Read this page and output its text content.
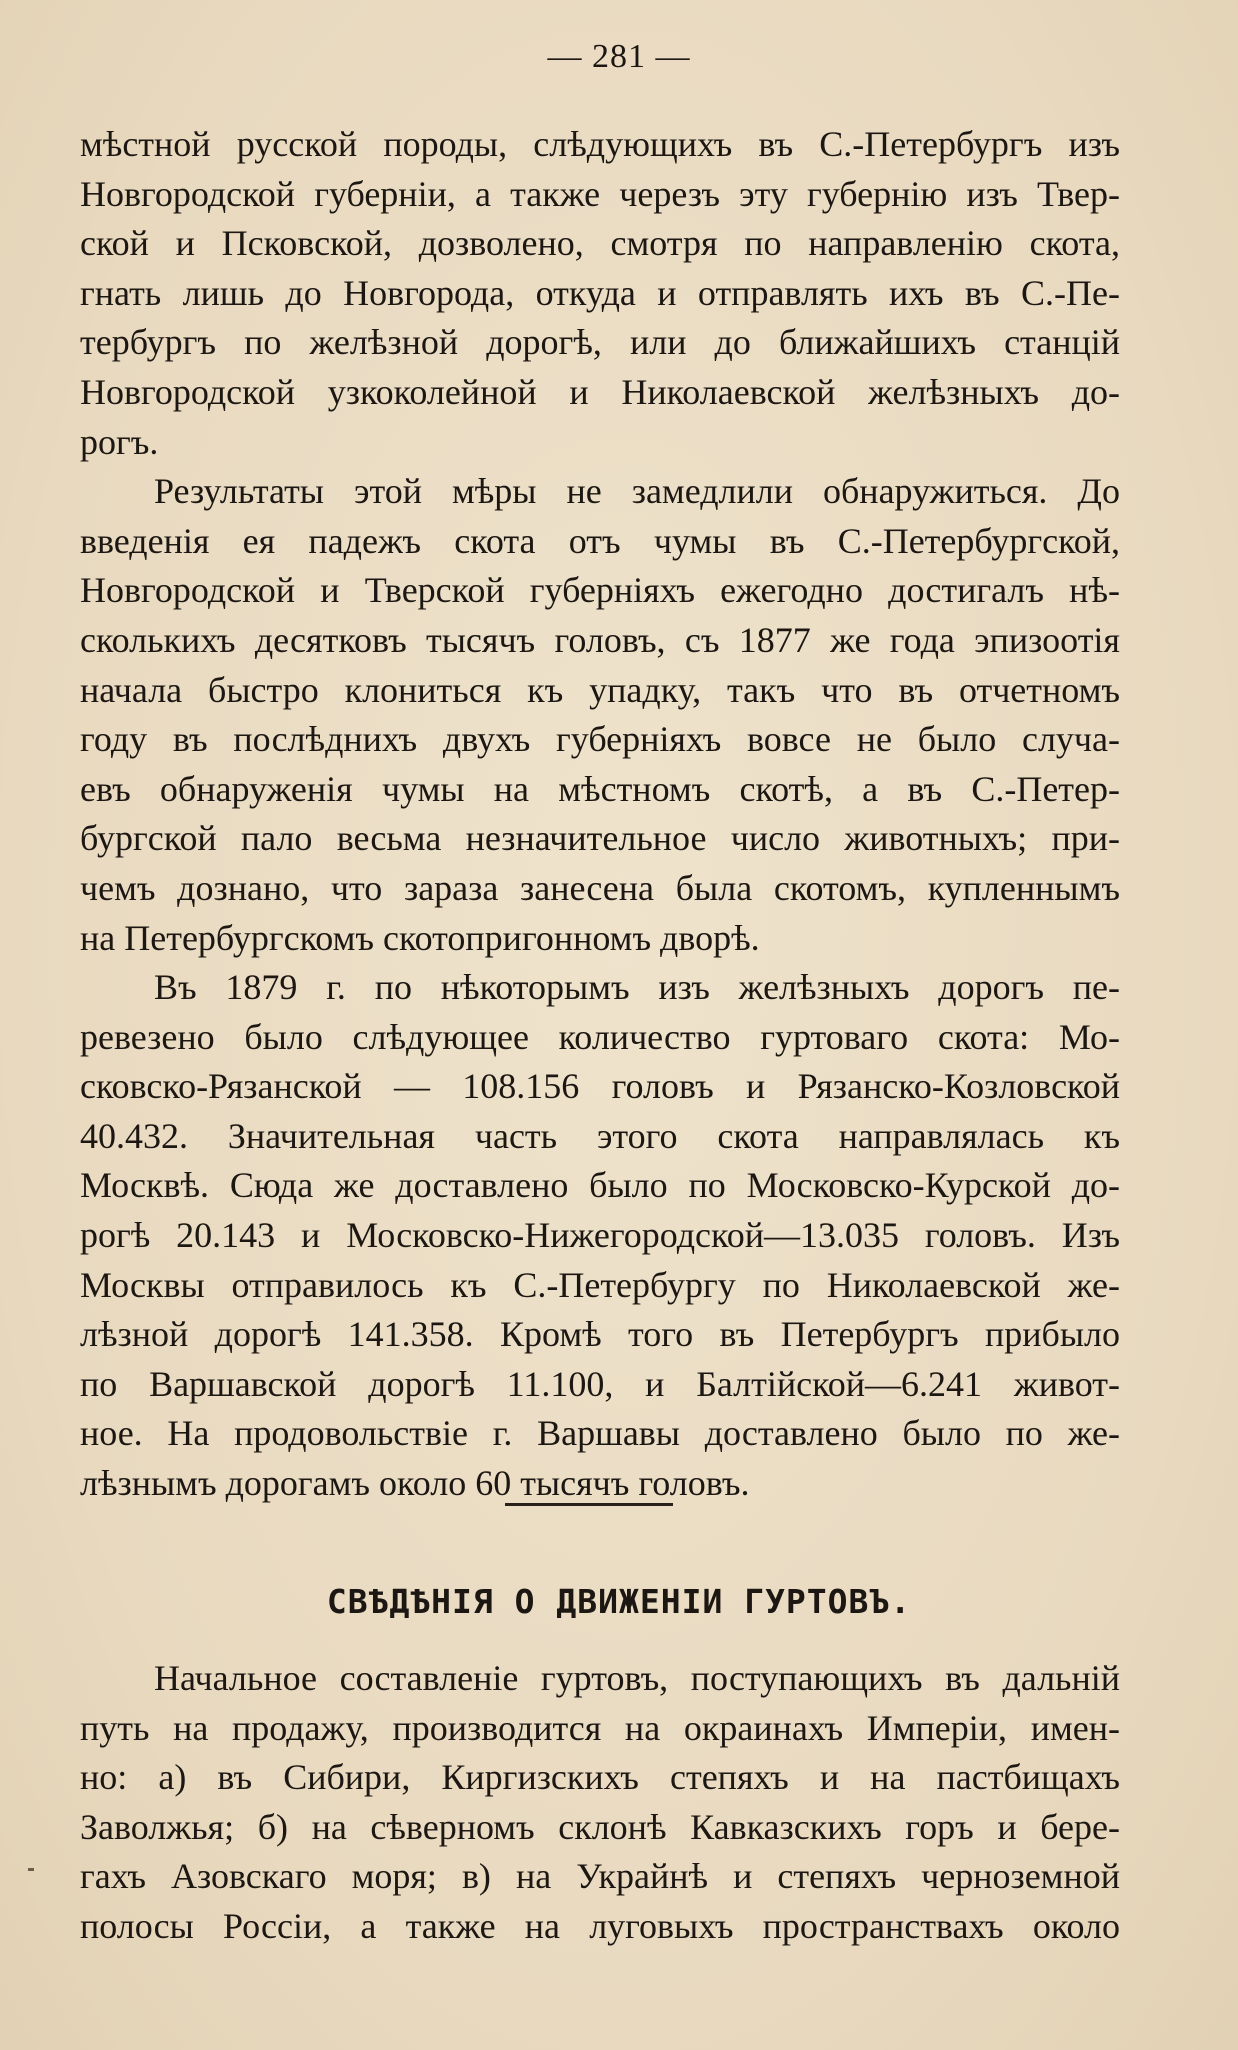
— 281 —
мѣстной русской породы, слѣдующихъ въ С.-Петербургъ изъ
Новгородской губерніи, а также черезъ эту губернію изъ Твер-
ской и Псковской, дозволено, смотря по направленію скота,
гнать лишь до Новгорода, откуда и отправлять ихъ въ С.-Пе-
тербургъ по желѣзной дорогѣ, или до ближайшихъ станцій
Новгородской узкоколейной и Николаевской желѣзныхъ до-
рогъ.
Результаты этой мѣры не замедлили обнаружиться. До
введенія ея падежъ скота отъ чумы въ С.-Петербургской,
Новгородской и Тверской губерніяхъ ежегодно достигалъ нѣ-
сколькихъ десятковъ тысячъ головъ, съ 1877 же года эпизоотія
начала быстро клониться къ упадку, такъ что въ отчетномъ
году въ послѣднихъ двухъ губерніяхъ вовсе не было случа-
евъ обнаруженія чумы на мѣстномъ скотѣ, а въ С.-Петер-
бургской пало весьма незначительное число животныхъ; при-
чемъ дознано, что зараза занесена была скотомъ, купленнымъ
на Петербургскомъ скотопригонномъ дворѣ.
Въ 1879 г. по нѣкоторымъ изъ желѣзныхъ дорогъ пе-
ревезено было слѣдующее количество гуртоваго скота: Мо-
сковско-Рязанской — 108.156 головъ и Рязанско-Козловской
40.432. Значительная часть этого скота направлялась къ
Москвѣ. Сюда же доставлено было по Московско-Курской до-
рогѣ 20.143 и Московско-Нижегородской—13.035 головъ. Изъ
Москвы отправилось къ С.-Петербургу по Николаевской же-
лѣзной дорогѣ 141.358. Кромѣ того въ Петербургъ прибыло
по Варшавской дорогѣ 11.100, и Балтійской—6.241 живот-
ное. На продовольствіе г. Варшавы доставлено было по же-
лѣзнымъ дорогамъ около 60 тысячъ головъ.
СВѢДѢНІЯ О ДВИЖЕНІИ ГУРТОВЪ.
Начальное составленіе гуртовъ, поступающихъ въ дальній
путь на продажу, производится на окраинахъ Имперіи, имен-
но: а) въ Сибири, Киргизскихъ степяхъ и на пастбищахъ
Заволжья; б) на сѣверномъ склонѣ Кавказскихъ горъ и бере-
гахъ Азовскаго моря; в) на Украйнѣ и степяхъ черноземной
полосы Россіи, а также на луговыхъ пространствахъ около
